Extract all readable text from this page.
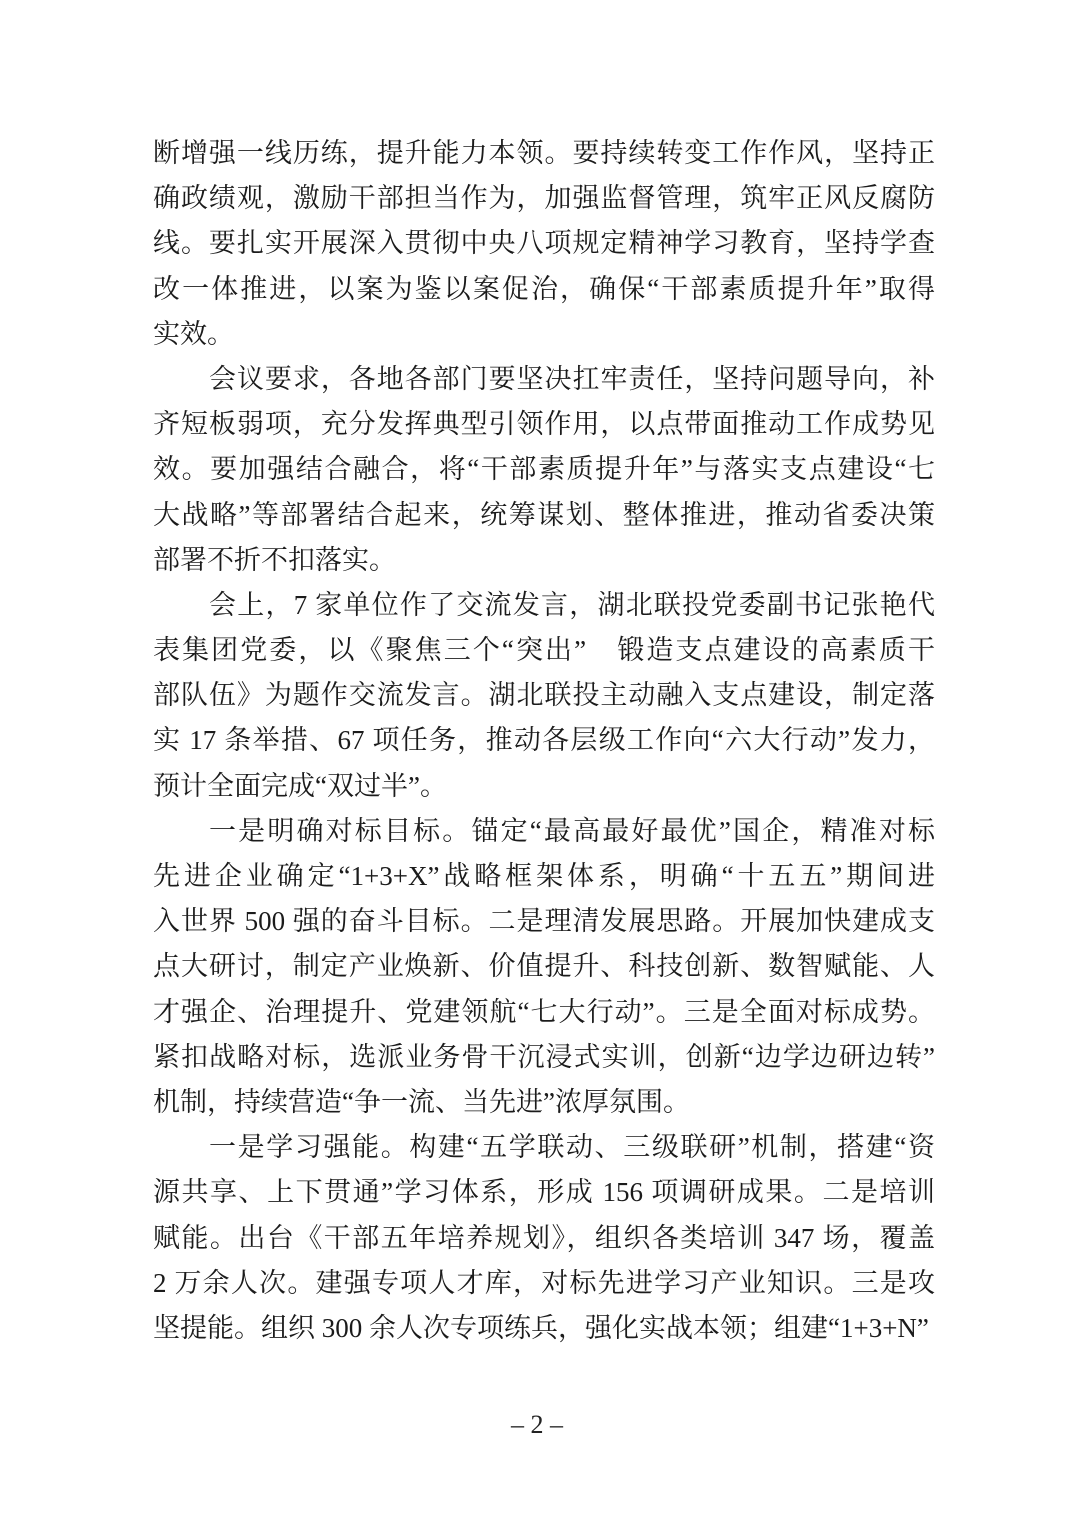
断增强一线历练，提升能力本领。要持续转变工作作风，坚持正
确政绩观，激励干部担当作为，加强监督管理，筑牢正风反腐防
线。要扎实开展深入贯彻中央八项规定精神学习教育，坚持学查
改一体推进，以案为鉴以案促治，确保“干部素质提升年”取得
实效。
会议要求，各地各部门要坚决扛牢责任，坚持问题导向，补
齐短板弱项，充分发挥典型引领作用，以点带面推动工作成势见
效。要加强结合融合，将“干部素质提升年”与落实支点建设“七
大战略”等部署结合起来，统筹谋划、整体推进，推动省委决策
部署不折不扣落实。
会上，7 家单位作了交流发言，湖北联投党委副书记张艳代
表集团党委，以《聚焦三个“突出”　锻造支点建设的高素质干
部队伍》为题作交流发言。湖北联投主动融入支点建设，制定落
实 17 条举措、67 项任务，推动各层级工作向“六大行动”发力，
预计全面完成“双过半”。
一是明确对标目标。锚定“最高最好最优”国企，精准对标
先进企业确定“1+3+X”战略框架体系，明确“十五五”期间进
入世界 500 强的奋斗目标。二是理清发展思路。开展加快建成支
点大研讨，制定产业焕新、价值提升、科技创新、数智赋能、人
才强企、治理提升、党建领航“七大行动”。三是全面对标成势。
紧扣战略对标，选派业务骨干沉浸式实训，创新“边学边研边转”
机制，持续营造“争一流、当先进”浓厚氛围。
一是学习强能。构建“五学联动、三级联研”机制，搭建“资
源共享、上下贯通”学习体系，形成 156 项调研成果。二是培训
赋能。出台《干部五年培养规划》，组织各类培训 347 场，覆盖
2 万余人次。建强专项人才库，对标先进学习产业知识。三是攻
坚提能。组织 300 余人次专项练兵，强化实战本领；组建“1+3+N”
– 2 –
